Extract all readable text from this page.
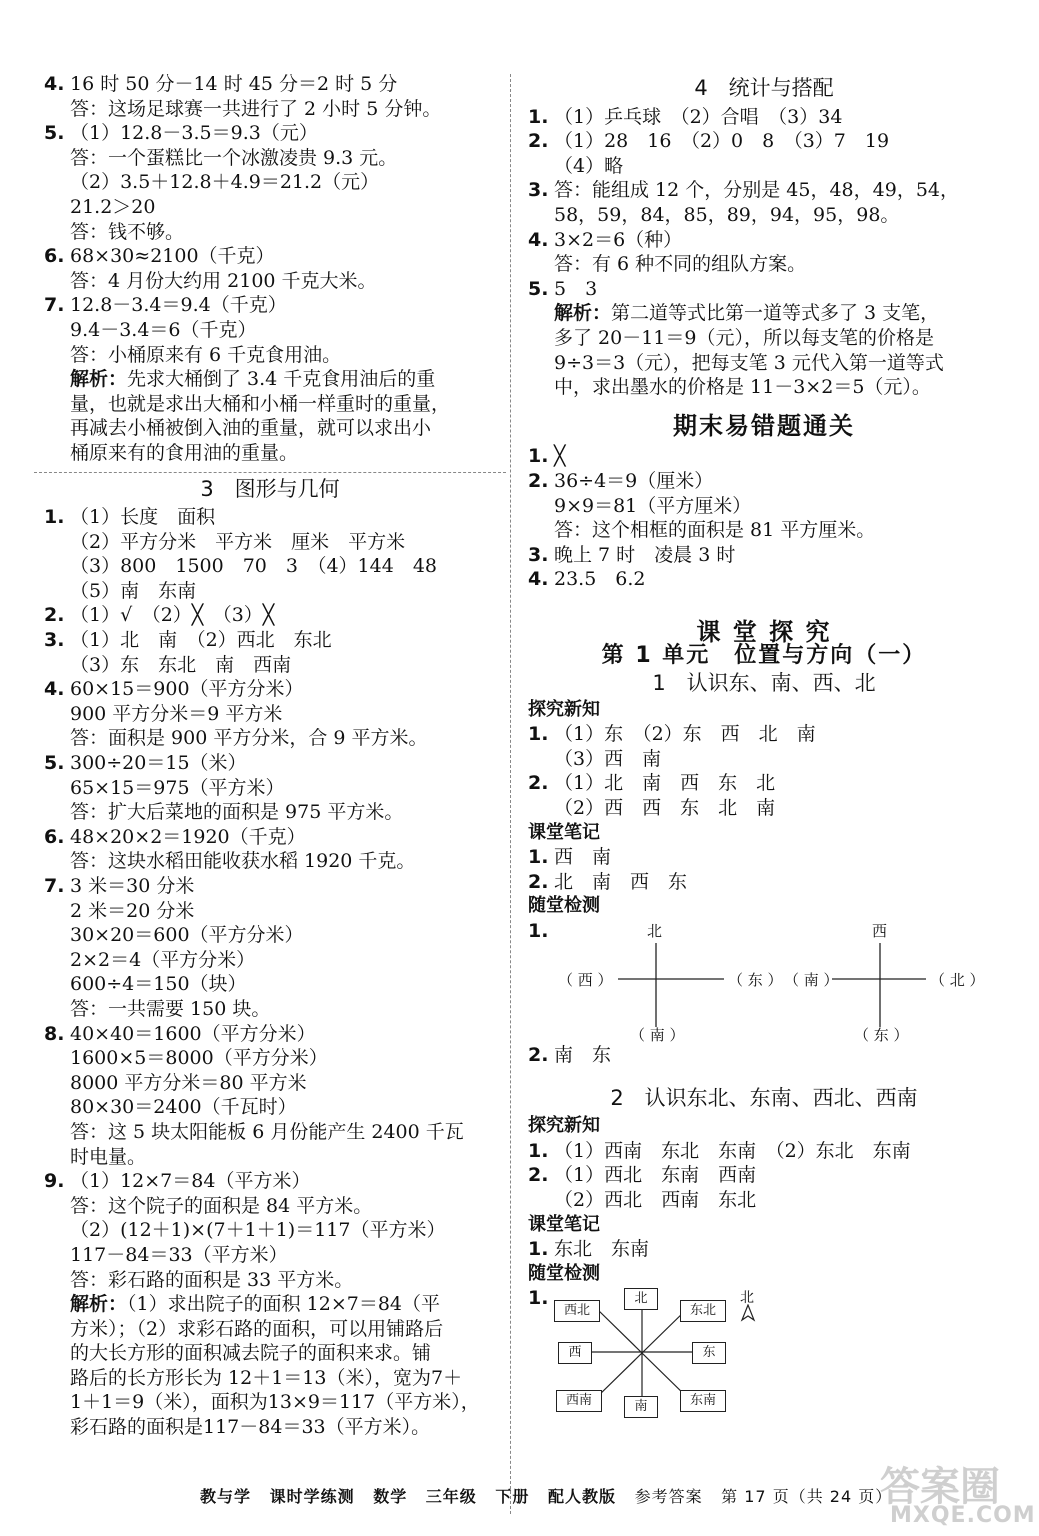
4. 16 时 50 分－14 时 45 分＝2 时 5 分
答：这场足球赛一共进行了 2 小时 5 分钟。
5. （1）12.8－3.5＝9.3（元）
答：一个蛋糕比一个冰激凌贵 9.3 元。
（2）3.5＋12.8＋4.9＝21.2（元）
21.2＞20
答：钱不够。
6. 68×30≈2100（千克）
答：4 月份大约用 2100 千克大米。
7. 12.8－3.4＝9.4（千克）
9.4－3.4＝6（千克）
答：小桶原来有 6 千克食用油。
解析：先求大桶倒了 3.4 千克食用油后的重
量，也就是求出大桶和小桶一样重时的重量，
再减去小桶被倒入油的重量，就可以求出小
桶原来有的食用油的重量。
3　图形与几何
1. （1）长度　面积
（2）平方分米　平方米　厘米　平方米
（3）800　1500　70　3　（4）144　48
（5）南　东南
2. （1）√　（2）╳　（3）╳
3. （1）北　南　（2）西北　东北
（3）东　东北　南　西南
4. 60×15＝900（平方分米）
900 平方分米＝9 平方米
答：面积是 900 平方分米，合 9 平方米。
5. 300÷20＝15（米）
65×15＝975（平方米）
答：扩大后菜地的面积是 975 平方米。
6. 48×20×2＝1920（千克）
答：这块水稻田能收获水稻 1920 千克。
7. 3 米＝30 分米
2 米＝20 分米
30×20＝600（平方分米）
2×2＝4（平方分米）
600÷4＝150（块）
答：一共需要 150 块。
8. 40×40＝1600（平方分米）
1600×5＝8000（平方分米）
8000 平方分米＝80 平方米
80×30＝2400（千瓦时）
答：这 5 块太阳能板 6 月份能产生 2400 千瓦
时电量。
9. （1）12×7＝84（平方米）
答：这个院子的面积是 84 平方米。
（2）(12＋1)×(7＋1＋1)＝117（平方米）
117－84＝33（平方米）
答：彩石路的面积是 33 平方米。
解析：（1）求出院子的面积 12×7＝84（平
方米）；（2）求彩石路的面积，可以用铺路后
的大长方形的面积减去院子的面积来求。铺
路后的长方形长为 12＋1＝13（米），宽为7＋
1＋1＝9（米），面积为13×9＝117（平方米），
彩石路的面积是117－84＝33（平方米）。
4　统计与搭配
1. （1）乒乓球　（2）合唱　（3）34
2. （1）28　16　（2）0　8　（3）7　19
（4）略
3. 答：能组成 12 个，分别是 45，48，49，54，
58，59，84，85，89，94，95，98。
4. 3×2＝6（种）
答：有 6 种不同的组队方案。
5. 5　3
解析：第二道等式比第一道等式多了 3 支笔，
多了 20－11＝9（元），所以每支笔的价格是
9÷3＝3（元），把每支笔 3 元代入第一道等式
中，求出墨水的价格是 11－3×2＝5（元）。
期末易错题通关
1. ╳
2. 36÷4＝9（厘米）
9×9＝81（平方厘米）
答：这个相框的面积是 81 平方厘米。
3. 晚上 7 时　凌晨 3 时
4. 23.5　6.2
课 堂 探 究
第 1 单元　位置与方向（一）
1　认识东、南、西、北
探究新知
1. （1）东　（2）东　西　北　南
（3）西　南
2. （1）北　南　西　东　北
（2）西　西　东　北　南
课堂笔记
1. 西　南
2. 北　南　西　东
随堂检测
1.	北
（ 西 ）	（ 东 ）
（ 南 ）
西
（ 南 ）	（ 北 ）
（ 东 ）
2. 南　东
2　认识东北、东南、西北、西南
探究新知
1. （1）西南　东北　东南　（2）东北　东南
2. （1）西北　东南　西南
（2）西北　西南　东北
课堂笔记
1. 东北　东南
随堂检测
1.	北
东北
西北
西	东
西南	东南
南
北
教与学 课时学练测 数学 三年级 下册 配人教版 参考答案 第 17 页（共 24 页）
答案圈
MXQE.COM
